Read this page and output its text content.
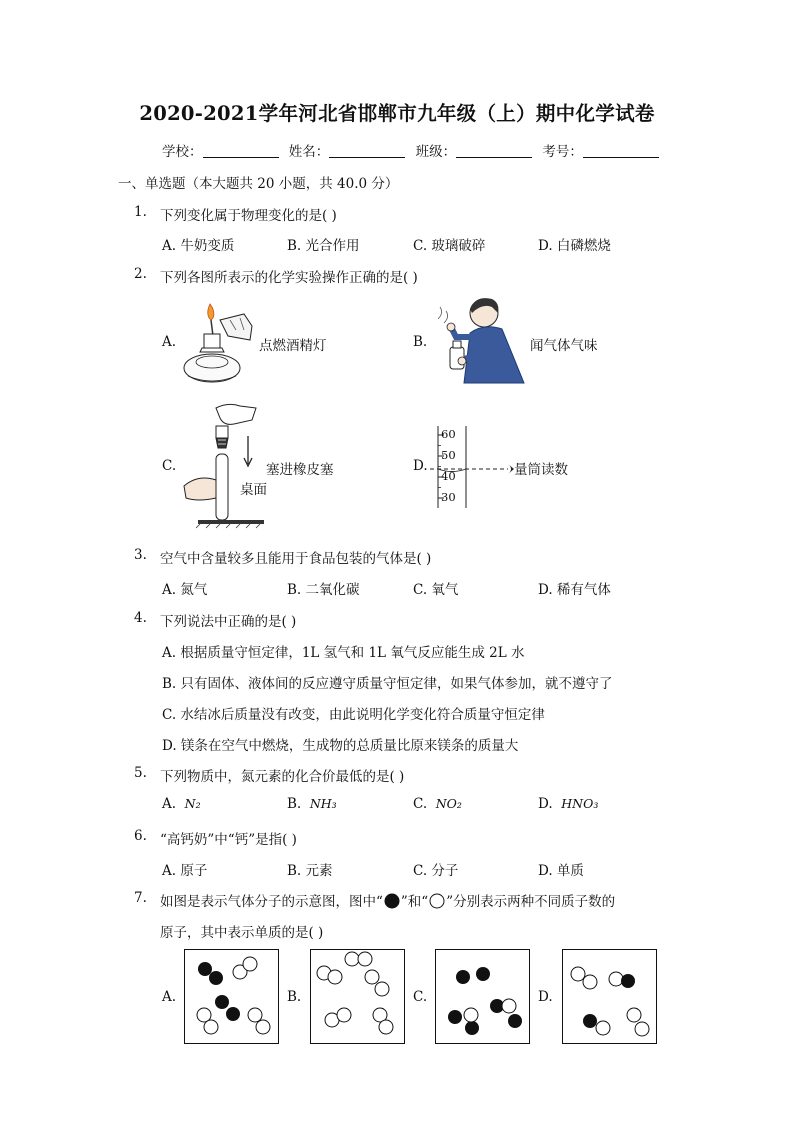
2020-2021学年河北省邯郸市九年级（上）期中化学试卷
学校：	姓名：	班级：	考号：
一、单选题（本大题共 20 小题，共 40.0 分）
1. 下列变化属于物理变化的是( )
A. 牛奶变质	B. 光合作用	C. 玻璃破碎	D. 白磷燃烧
2. 下列各图所表示的化学实验操作正确的是( )
A.	点燃酒精灯	B.	闻气体气味
C.	塞进橡皮塞
桌面
D.
60
50
40
30
量筒读数
3. 空气中含量较多且能用于食品包装的气体是( )
A. 氮气	B. 二氧化碳	C. 氧气	D. 稀有气体
4. 下列说法中正确的是( )
A. 根据质量守恒定律，1L 氢气和 1L 氧气反应能生成 2L 水
B. 只有固体、液体间的反应遵守质量守恒定律，如果气体参加，就不遵守了
C. 水结冰后质量没有改变，由此说明化学变化符合质量守恒定律
D. 镁条在空气中燃烧，生成物的总质量比原来镁条的质量大
5. 下列物质中，氮元素的化合价最低的是( )
A. N₂	B. NH₃	C. NO₂	D. HNO₃
6. “高钙奶”中“钙”是指( )
A. 原子	B. 元素	C. 分子	D. 单质
7. 如图是表示气体分子的示意图，图中“ ”和“ ”分别表示两种不同质子数的
原子，其中表示单质的是( )
A.	B.	C.	D.
